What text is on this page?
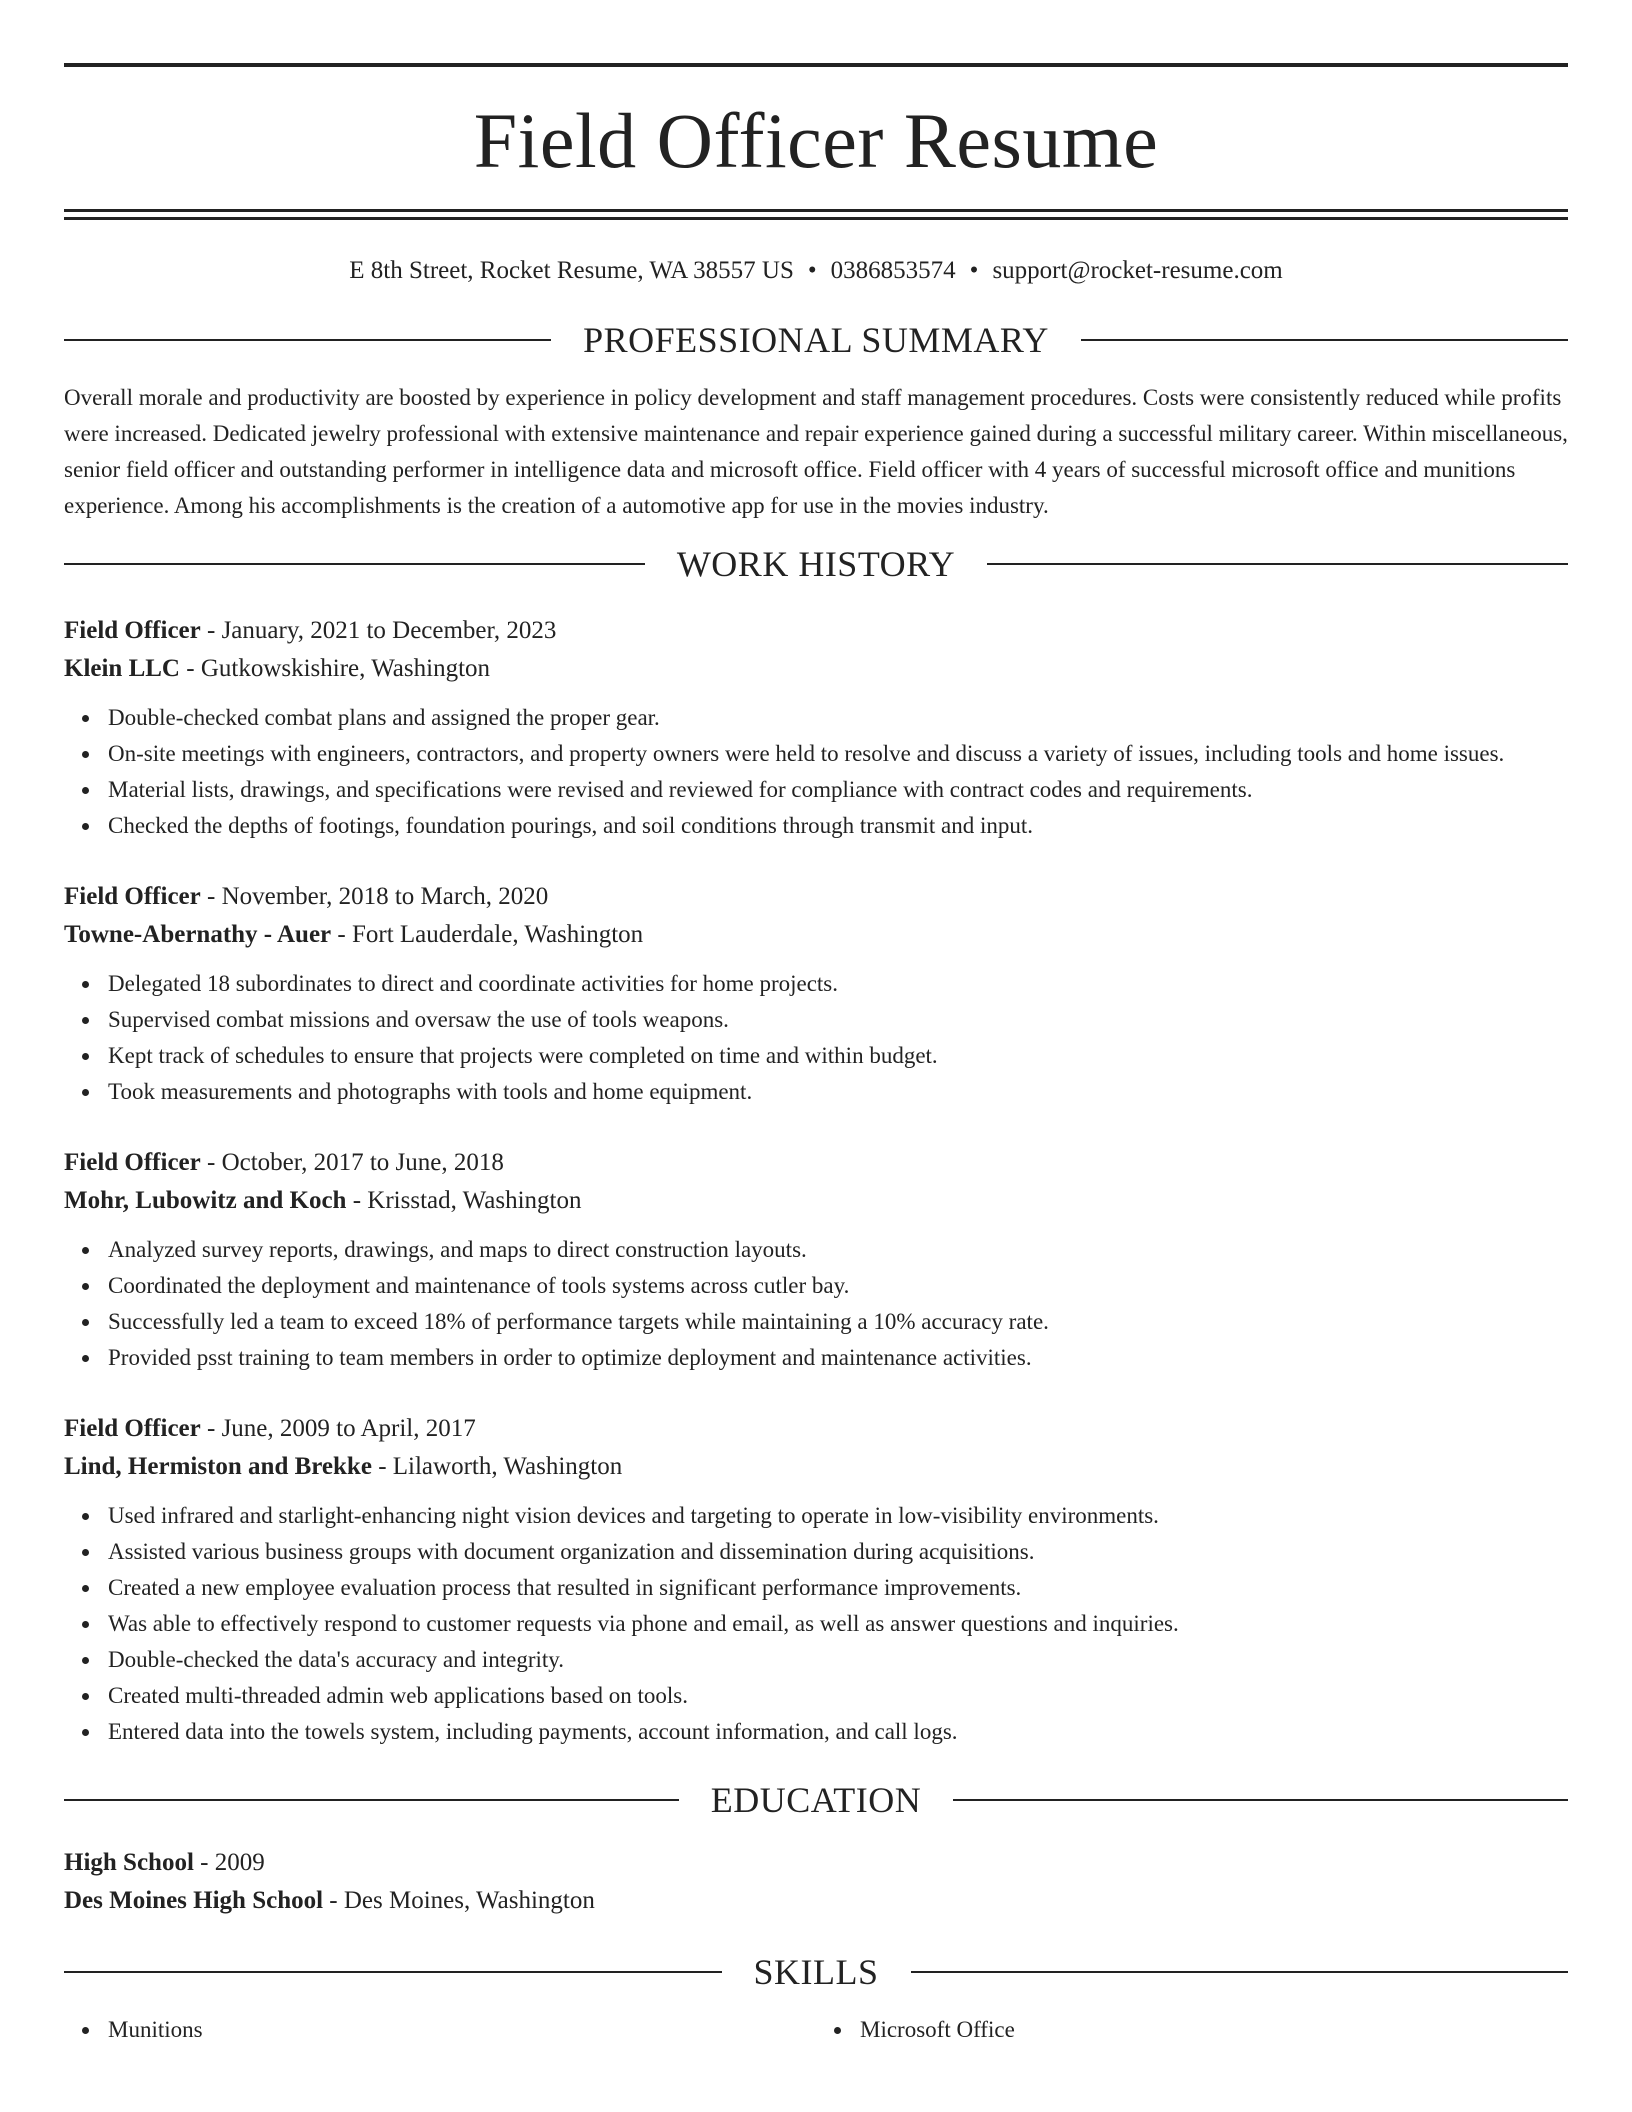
Field Officer Resume
E 8th Street, Rocket Resume, WA 38557 US • 0386853574 • support@rocket-resume.com
PROFESSIONAL SUMMARY
Overall morale and productivity are boosted by experience in policy development and staff management procedures. Costs were consistently reduced while profits were increased. Dedicated jewelry professional with extensive maintenance and repair experience gained during a successful military career. Within miscellaneous, senior field officer and outstanding performer in intelligence data and microsoft office. Field officer with 4 years of successful microsoft office and munitions experience. Among his accomplishments is the creation of a automotive app for use in the movies industry.
WORK HISTORY
Field Officer - January, 2021 to December, 2023
Klein LLC - Gutkowskishire, Washington
Double-checked combat plans and assigned the proper gear.
On-site meetings with engineers, contractors, and property owners were held to resolve and discuss a variety of issues, including tools and home issues.
Material lists, drawings, and specifications were revised and reviewed for compliance with contract codes and requirements.
Checked the depths of footings, foundation pourings, and soil conditions through transmit and input.
Field Officer - November, 2018 to March, 2020
Towne-Abernathy - Auer - Fort Lauderdale, Washington
Delegated 18 subordinates to direct and coordinate activities for home projects.
Supervised combat missions and oversaw the use of tools weapons.
Kept track of schedules to ensure that projects were completed on time and within budget.
Took measurements and photographs with tools and home equipment.
Field Officer - October, 2017 to June, 2018
Mohr, Lubowitz and Koch - Krisstad, Washington
Analyzed survey reports, drawings, and maps to direct construction layouts.
Coordinated the deployment and maintenance of tools systems across cutler bay.
Successfully led a team to exceed 18% of performance targets while maintaining a 10% accuracy rate.
Provided psst training to team members in order to optimize deployment and maintenance activities.
Field Officer - June, 2009 to April, 2017
Lind, Hermiston and Brekke - Lilaworth, Washington
Used infrared and starlight-enhancing night vision devices and targeting to operate in low-visibility environments.
Assisted various business groups with document organization and dissemination during acquisitions.
Created a new employee evaluation process that resulted in significant performance improvements.
Was able to effectively respond to customer requests via phone and email, as well as answer questions and inquiries.
Double-checked the data's accuracy and integrity.
Created multi-threaded admin web applications based on tools.
Entered data into the towels system, including payments, account information, and call logs.
EDUCATION
High School - 2009
Des Moines High School - Des Moines, Washington
SKILLS
Munitions	Microsoft Office
